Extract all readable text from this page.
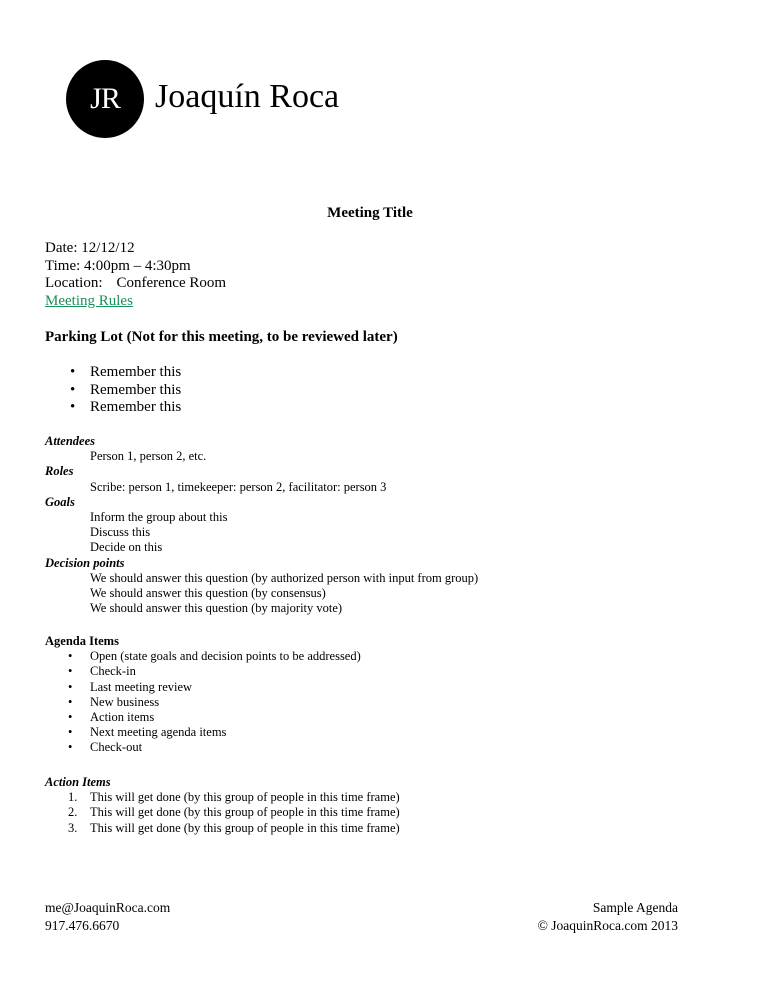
JR Joaquín Roca
Meeting Title
Date: 12/12/12
Time: 4:00pm – 4:30pm
Location: Conference Room
Meeting Rules
Parking Lot (Not for this meeting, to be reviewed later)
• Remember this
• Remember this
• Remember this
Attendees
Person 1, person 2, etc.
Roles
Scribe: person 1, timekeeper: person 2, facilitator: person 3
Goals
Inform the group about this
Discuss this
Decide on this
Decision points
We should answer this question (by authorized person with input from group)
We should answer this question (by consensus)
We should answer this question (by majority vote)
Agenda Items
• Open (state goals and decision points to be addressed)
• Check-in
• Last meeting review
• New business
• Action items
• Next meeting agenda items
• Check-out
Action Items
1. This will get done (by this group of people in this time frame)
2. This will get done (by this group of people in this time frame)
3. This will get done (by this group of people in this time frame)
me@JoaquinRoca.com
917.476.6670
Sample Agenda
© JoaquinRoca.com 2013
